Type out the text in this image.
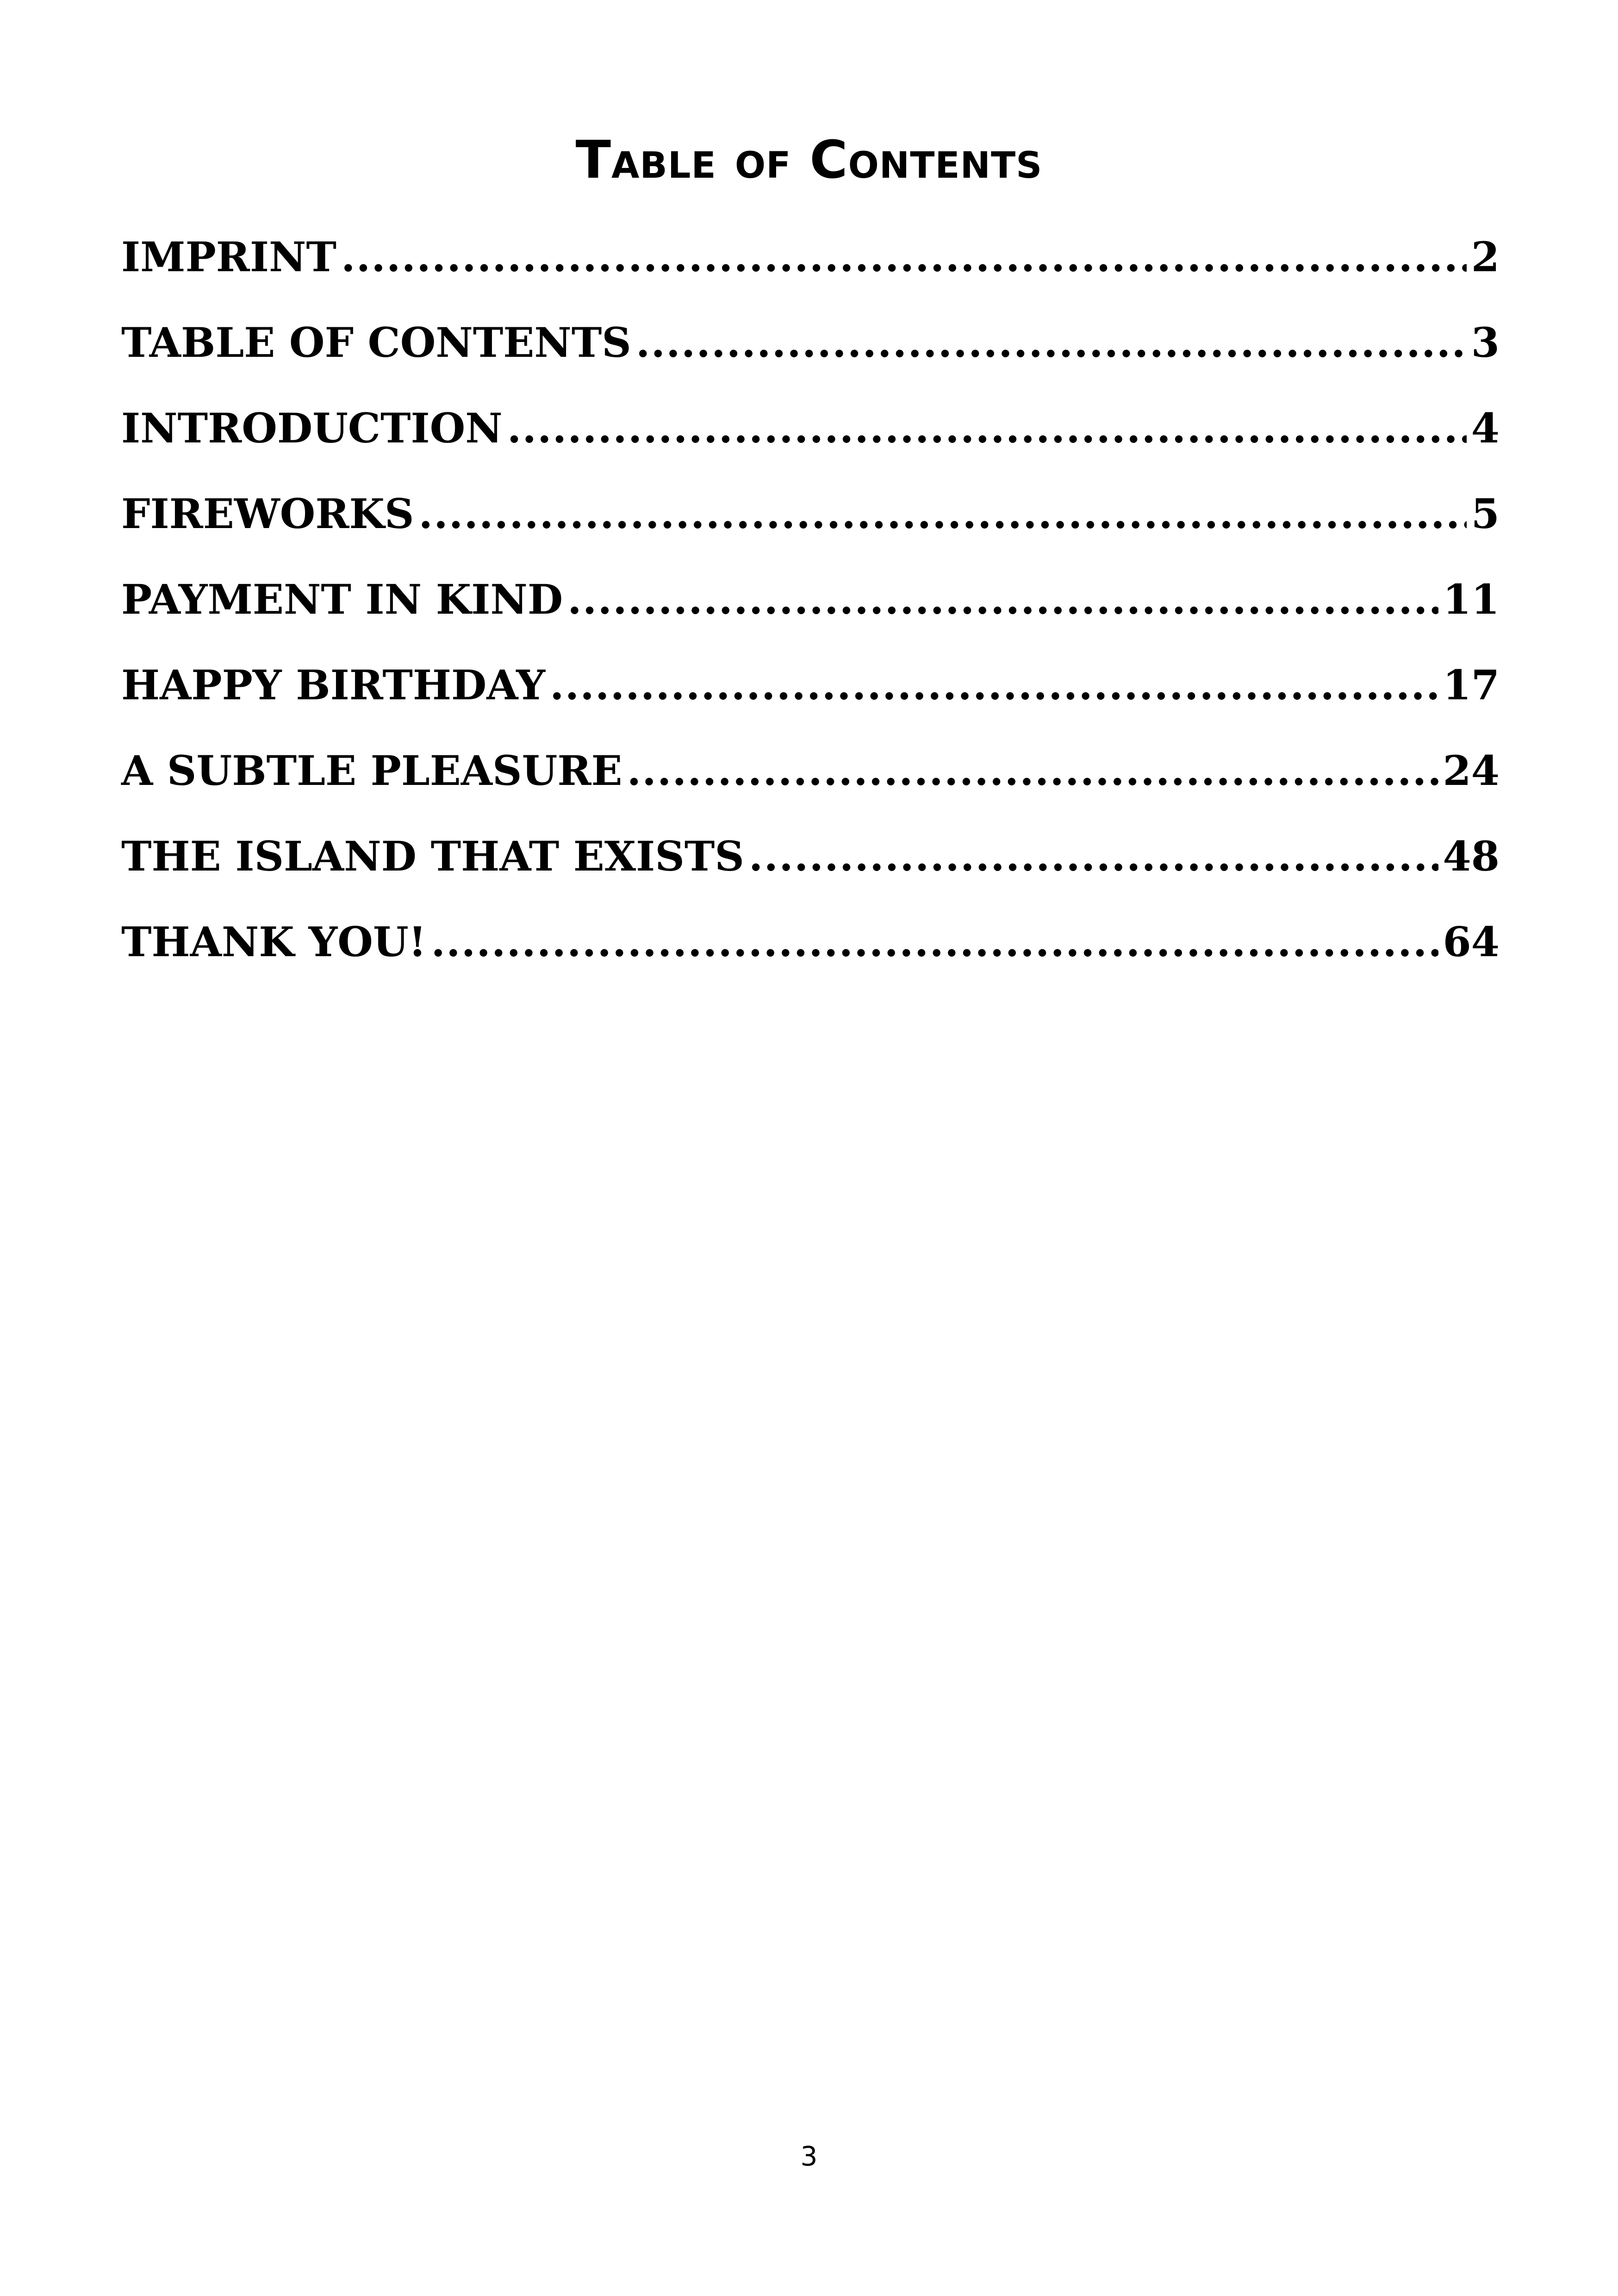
Table of Contents
IMPRINT .....	2
TABLE OF CONTENTS .....	3
INTRODUCTION .....	4
FIREWORKS .....	5
PAYMENT IN KIND .....	11
HAPPY BIRTHDAY .....	17
A SUBTLE PLEASURE .....	24
THE ISLAND THAT EXISTS .....	48
THANK YOU! .....	64
3
